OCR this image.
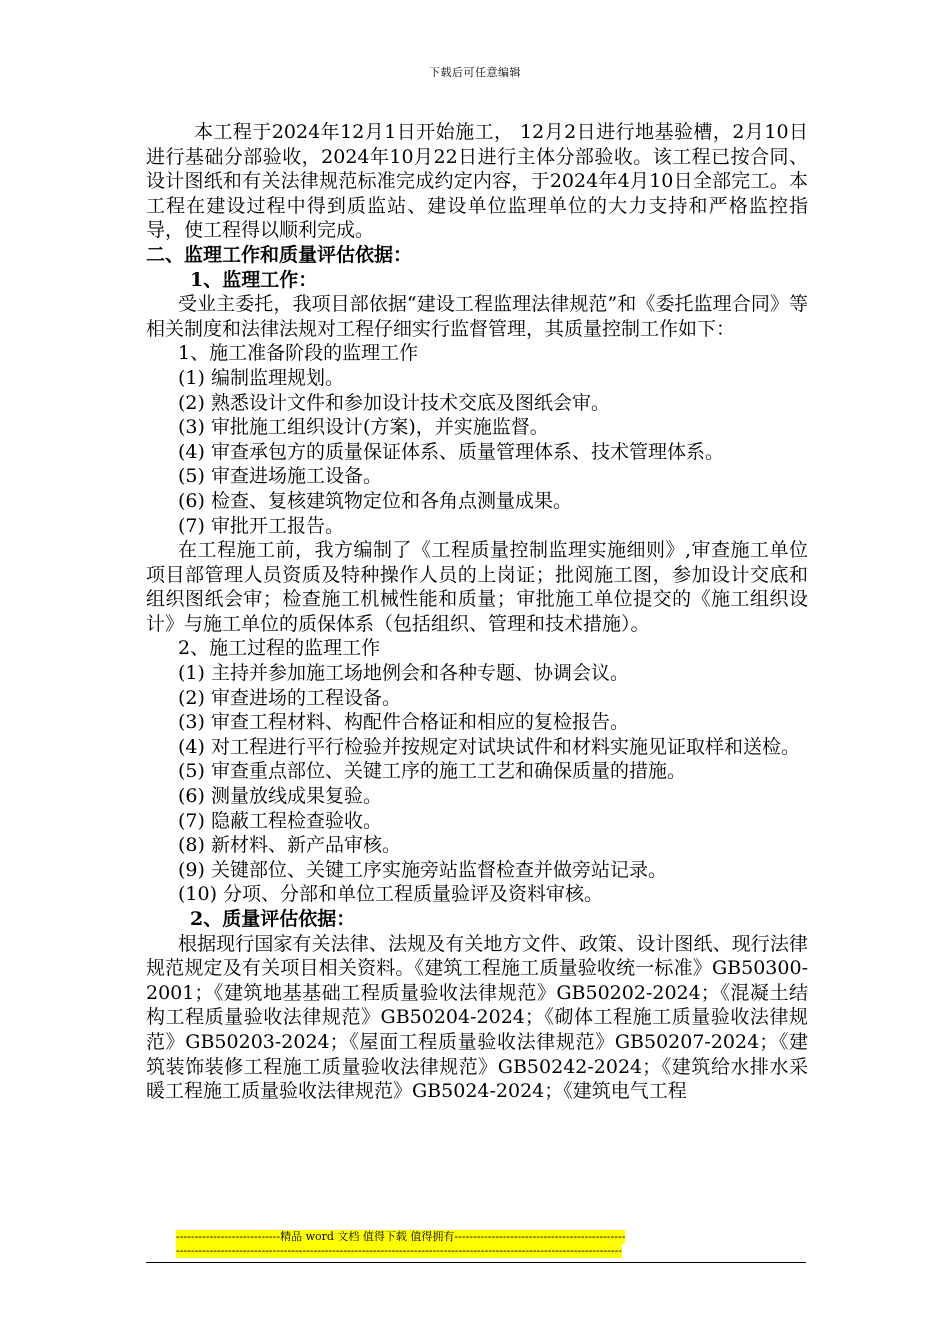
下载后可任意编辑

本工程于2024年12月1日开始施工， 12月2日进行地基验槽，2月10日进行基础分部验收，2024年10月22日进行主体分部验收。该工程已按合同、设计图纸和有关法律规范标准完成约定内容，于2024年4月10日全部完工。本工程在建设过程中得到质监站、建设单位监理单位的大力支持和严格监控指导，使工程得以顺利完成。

二、监理工作和质量评估依据：

1、监理工作：

受业主委托，我项目部依据“建设工程监理法律规范”和《委托监理合同》等相关制度和法律法规对工程仔细实行监督管理，其质量控制工作如下：

1、施工准备阶段的监理工作

(1) 编制监理规划。

(2) 熟悉设计文件和参加设计技术交底及图纸会审。

(3) 审批施工组织设计(方案)，并实施监督。

(4) 审查承包方的质量保证体系、质量管理体系、技术管理体系。

(5) 审查进场施工设备。

(6) 检查、复核建筑物定位和各角点测量成果。

(7) 审批开工报告。

在工程施工前，我方编制了《工程质量控制监理实施细则》,审查施工单位项目部管理人员资质及特种操作人员的上岗证；批阅施工图，参加设计交底和组织图纸会审；检查施工机械性能和质量；审批施工单位提交的《施工组织设计》与施工单位的质保体系（包括组织、管理和技术措施）。

2、施工过程的监理工作

(1) 主持并参加施工场地例会和各种专题、协调会议。

(2) 审查进场的工程设备。

(3) 审查工程材料、构配件合格证和相应的复检报告。

(4) 对工程进行平行检验并按规定对试块试件和材料实施见证取样和送检。

(5) 审查重点部位、关键工序的施工工艺和确保质量的措施。

(6) 测量放线成果复验。

(7) 隐蔽工程检查验收。

(8) 新材料、新产品审核。

(9) 关键部位、关键工序实施旁站监督检查并做旁站记录。

(10) 分项、分部和单位工程质量验评及资料审核。

2、质量评估依据：

根据现行国家有关法律、法规及有关地方文件、政策、设计图纸、现行法律规范规定及有关项目相关资料。《建筑工程施工质量验收统一标准》GB50300-2001；《建筑地基基础工程质量验收法律规范》GB50202-2024；《混凝土结构工程质量验收法律规范》GB50204-2024；《砌体工程施工质量验收法律规范》GB50203-2024；《屋面工程质量验收法律规范》GB50207-2024；《建筑装饰装修工程施工质量验收法律规范》GB50242-2024；《建筑给水排水采暖工程施工质量验收法律规范》GB5024-2024；《建筑电气工程

----------------------------精品 word 文档 值得下载 值得拥有----------------------------------------------
------------------------------------------------------------------------------------------------------------------------
